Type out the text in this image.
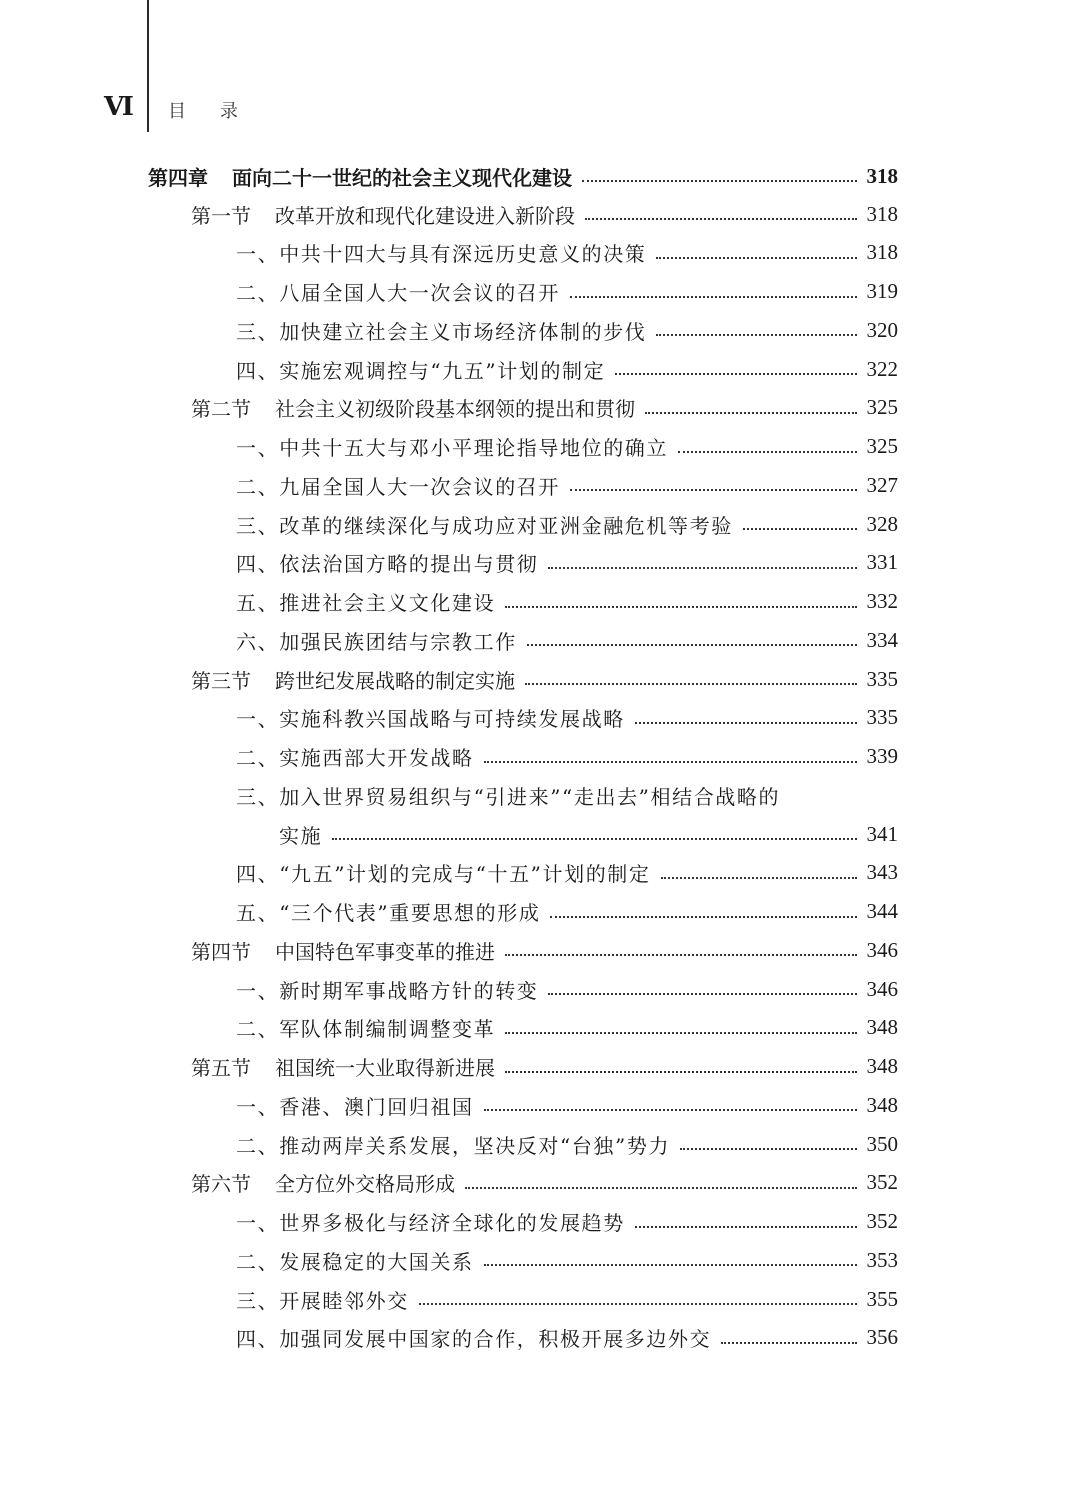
Ⅵ 目录
第四章 面向二十一世纪的社会主义现代化建设	318
第一节 改革开放和现代化建设进入新阶段	318
一、中共十四大与具有深远历史意义的决策	318
二、八届全国人大一次会议的召开	319
三、加快建立社会主义市场经济体制的步伐	320
四、实施宏观调控与“九五”计划的制定	322
第二节 社会主义初级阶段基本纲领的提出和贯彻	325
一、中共十五大与邓小平理论指导地位的确立	325
二、九届全国人大一次会议的召开	327
三、改革的继续深化与成功应对亚洲金融危机等考验	328
四、依法治国方略的提出与贯彻	331
五、推进社会主义文化建设	332
六、加强民族团结与宗教工作	334
第三节 跨世纪发展战略的制定实施	335
一、实施科教兴国战略与可持续发展战略	335
二、实施西部大开发战略	339
三、加入世界贸易组织与“引进来”“走出去”相结合战略的
实施	341
四、“九五”计划的完成与“十五”计划的制定	343
五、“三个代表”重要思想的形成	344
第四节 中国特色军事变革的推进	346
一、新时期军事战略方针的转变	346
二、军队体制编制调整变革	348
第五节 祖国统一大业取得新进展	348
一、香港、澳门回归祖国	348
二、推动两岸关系发展，坚决反对“台独”势力	350
第六节 全方位外交格局形成	352
一、世界多极化与经济全球化的发展趋势	352
二、发展稳定的大国关系	353
三、开展睦邻外交	355
四、加强同发展中国家的合作，积极开展多边外交	356
